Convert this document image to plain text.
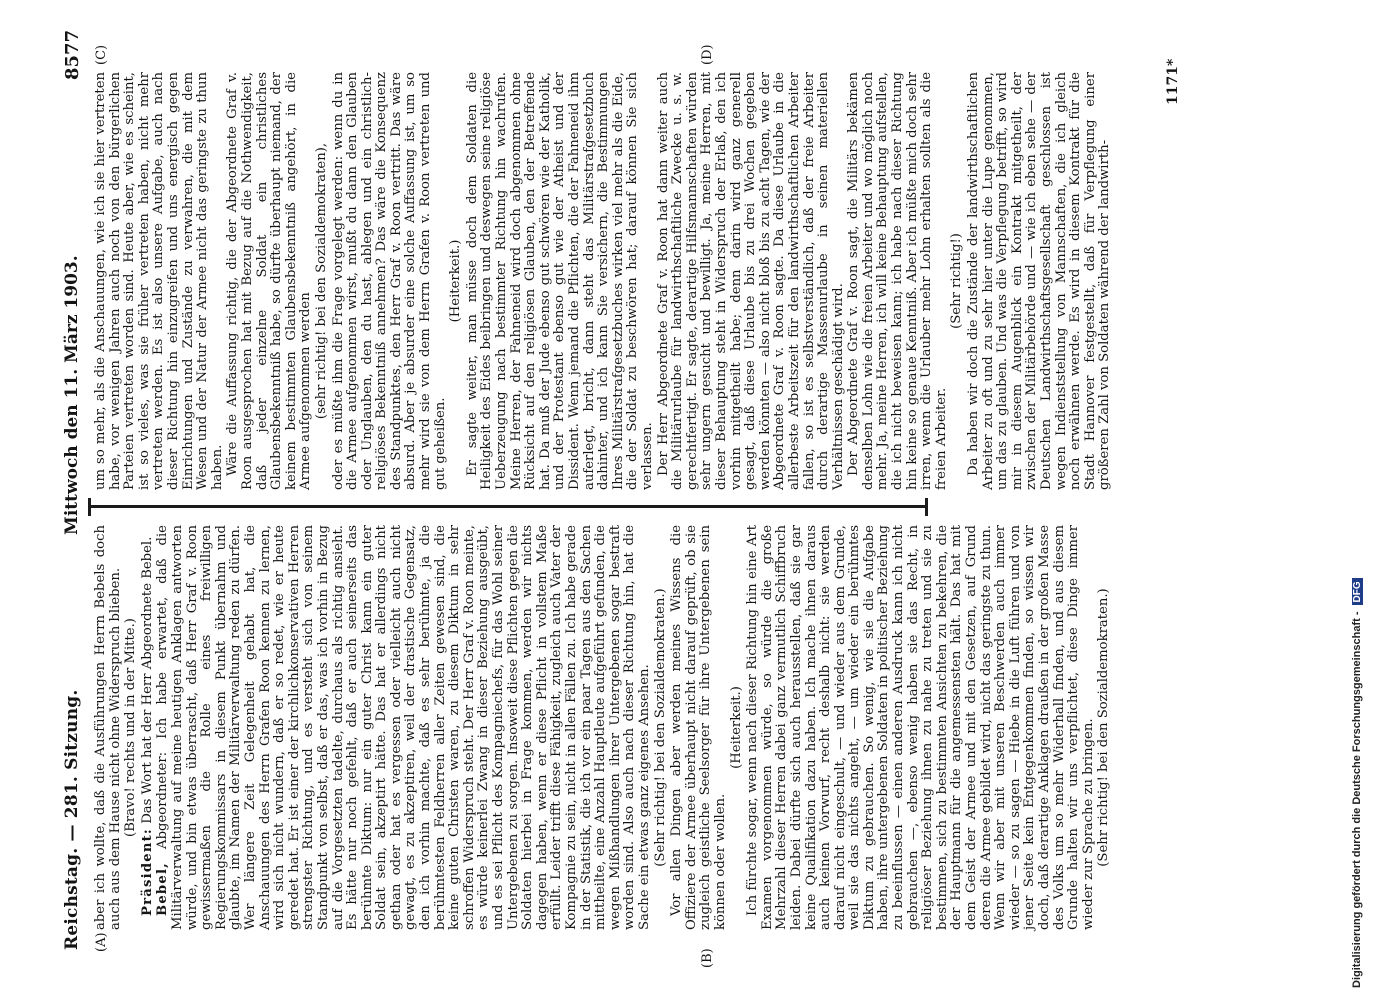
Reichstag. — 281. Sitzung.
Mittwoch den 11. März 1903.
8577
(A)
(B)
(C)	(D)

aber ich wollte, daß die Ausführungen Herrn Bebels doch auch aus dem Hause nicht ohne Widerspruch blieben. (Bravo! rechts und in der Mitte.)

Präsident: Das Wort hat der Herr Abgeordnete Bebel.

Bebel, Abgeordneter: Ich habe erwartet, daß die Militärverwaltung auf meine heutigen Anklagen antworten würde, und bin etwas überrascht, daß Herr Graf v. Roon gewissermaßen die Rolle eines freiwilligen Regierungskommissars in diesem Punkt übernahm und glaubte, im Namen der Militärverwaltung reden zu dürfen. Wer längere Zeit Gelegenheit gehabt hat, die Anschauungen des Herrn Grafen Roon kennen zu lernen, wird sich nicht wundern, daß er so redet, wie er heute geredet hat. Er ist einer der kirchlichkonservativen Herren strengster Richtung, und es versteht sich von seinem Standpunkt von selbst, daß er das, was ich vorhin in Bezug auf die Vorgesetzten tadelte, durchaus als richtig ansieht. Es hätte nur noch gefehlt, daß er auch seinerseits das berühmte Diktum: nur ein guter Christ kann ein guter Soldat sein, akzeptirt hätte. Das hat er allerdings nicht gethan oder hat es vergessen oder vielleicht auch nicht gewagt, es zu akzeptiren, weil der drastische Gegensatz, den ich vorhin machte, daß es sehr berühmte, ja die berühmtesten Feldherren aller Zeiten gewesen sind, die keine guten Christen waren, zu diesem Diktum in sehr schroffen Widerspruch steht. Der Herr Graf v. Roon meinte, es würde keinerlei Zwang in dieser Beziehung ausgeübt, und es sei Pflicht des Kompagniechefs, für das Wohl seiner Untergebenen zu sorgen. Insoweit diese Pflichten gegen die Soldaten hierbei in Frage kommen, werden wir nichts dagegen haben, wenn er diese Pflicht in vollstem Maße erfüllt. Leider trifft diese Fähigkeit, zugleich auch Vater der Kompagnie zu sein, nicht in allen Fällen zu. Ich habe gerade in der Statistik, die ich vor ein paar Tagen aus den Sachen mittheilte, eine Anzahl Hauptleute aufgeführt gefunden, die wegen Mißhandlungen ihrer Untergebenen sogar bestraft worden sind. Also auch nach dieser Richtung hin, hat die Sache ein etwas ganz eigenes Ansehen. (Sehr richtig! bei den Sozialdemokraten.) Vor allen Dingen aber werden meines Wissens die Offiziere der Armee überhaupt nicht darauf geprüft, ob sie zugleich geistliche Seelsorger für ihre Untergebenen sein können oder wollen.

(Heiterkeit.) Ich fürchte sogar, wenn nach dieser Richtung hin eine Art Examen vorgenommen würde, so würde die große Mehrzahl dieser Herren dabei ganz vermutlich Schiffbruch leiden. Dabei dürfte sich auch herausstellen, daß sie gar keine Qualifikation dazu haben. Ich mache ihnen daraus auch keinen Vorwurf, recht deshalb nicht: sie werden darauf nicht eingeschult, — und wieder aus dem Grunde, weil sie das nichts angeht, — um wieder ein berühmtes Diktum zu gebrauchen. So wenig, wie sie die Aufgabe haben, ihre untergebenen Soldaten in politischer Beziehung zu beeinflussen — einen anderen Ausdruck kann ich nicht gebrauchen —, ebenso wenig haben sie das Recht, in religiöser Beziehung ihnen zu nahe zu treten und sie zu bestimmen, sich zu bestimmten Ansichten zu bekehren, die der Hauptmann für die angemessensten hält. Das hat mit dem Geist der Armee und mit den Gesetzen, auf Grund deren die Armee gebildet wird, nicht das geringste zu thun. Wenn wir aber mit unseren Beschwerden auch immer wieder — so zu sagen — Hiebe in die Luft führen und von jener Seite kein Entgegenkommen finden, so wissen wir doch, daß derartige Anklagen draußen in der großen Masse des Volks um so mehr Widerhall finden, und aus diesem Grunde halten wir uns verpflichtet, diese Dinge immer wieder zur Sprache zu bringen. (Sehr richtig! bei den Sozialdemokraten.)

um so mehr, als die Anschauungen, wie ich sie hier vertreten habe, vor wenigen Jahren auch noch von den bürgerlichen Parteien vertreten worden sind. Heute aber, wie es scheint, ist so vieles, was sie früher vertreten haben, nicht mehr vertreten werden. Es ist also unsere Aufgabe, auch nach dieser Richtung hin einzugreifen und uns energisch gegen Einrichtungen und Zustände zu verwahren, die mit dem Wesen und der Natur der Armee nicht das geringste zu thun haben. Wäre die Auffassung richtig, die der Abgeordnete Graf v. Roon ausgesprochen hat mit Bezug auf die Nothwendigkeit, daß jeder einzelne Soldat ein christliches Glaubensbekenntniß habe, so dürfte überhaupt niemand, der keinem bestimmten Glaubensbekenntniß angehört, in die Armee aufgenommen werden (sehr richtig! bei den Sozialdemokraten), oder es müßte ihm die Frage vorgelegt werden: wenn du in die Armee aufgenommen wirst, mußt du dann den Glauben oder Unglauben, den du hast, ablegen und ein christlich-religiöses Bekenntniß annehmen? Das wäre die Konsequenz des Standpunktes, den Herr Graf v. Roon vertritt. Das wäre absurd. Aber je absurder eine solche Auffassung ist, um so mehr wird sie von dem Herrn Grafen v. Roon vertreten und gut geheißen.

(Heiterkeit.) Er sagte weiter, man müsse doch dem Soldaten die Heiligkeit des Eides beibringen und deswegen seine religiöse Ueberzeugung nach bestimmter Richtung hin wachrufen. Meine Herren, der Fahneneid wird doch abgenommen ohne Rücksicht auf den religiösen Glauben, den der Betreffende hat. Da muß der Jude ebenso gut schwören wie der Katholik, und der Protestant ebenso gut wie der Atheist und der Dissident. Wenn jemand die Pflichten, die der Fahneneid ihm auferlegt, bricht, dann steht das Militärstrafgesetzbuch dahinter, und ich kann Sie versichern, die Bestimmungen Ihres Militärstrafgesetzbuches wirken viel mehr als die Eide, die der Soldat zu beschwören hat; darauf können Sie sich verlassen. Der Herr Abgeordnete Graf v. Roon hat dann weiter auch die Militärurlaube für landwirthschaftliche Zwecke u. s. w. gerechtfertigt. Er sagte, derartige Hilfsmannschaften würden sehr ungern gesucht und bewilligt. Ja, meine Herren, mit dieser Behauptung steht in Widerspruch der Erlaß, den ich vorhin mitgetheilt habe; denn darin wird ganz generell gesagt, daß diese Urlaube bis zu drei Wochen gegeben werden könnten — also nicht bloß bis zu acht Tagen, wie der Abgeordnete Graf v. Roon sagte. Da diese Urlaube in die allerbeste Arbeitszeit für den landwirthschaftlichen Arbeiter fallen, so ist es selbstverständlich, daß der freie Arbeiter durch derartige Massenurlaube in seinen materiellen Verhältnissen geschädigt wird. Der Abgeordnete Graf v. Roon sagt, die Militärs bekämen denselben Lohn wie die freien Arbeiter und wo möglich noch mehr. Ja, meine Herren, ich will keine Behauptung aufstellen, die ich nicht beweisen kann; ich habe nach dieser Richtung hin keine so genaue Kenntniß. Aber ich müßte mich doch sehr irren, wenn die Urlauber mehr Lohn erhalten sollten als die freien Arbeiter.

(Sehr richtig!) Da haben wir doch die Zustände der landwirthschaftlichen Arbeiter zu oft und zu sehr hier unter die Lupe genommen, um das zu glauben. Und was die Verpflegung betrifft, so wird mir in diesem Augenblick ein Kontrakt mitgetheilt, der zwischen der Militärbehörde und — wie ich eben sehe — der Deutschen Landwirthschaftsgesellschaft geschlossen ist wegen Indienststellung von Mannschaften, die ich gleich noch erwähnen werde. Es wird in diesem Kontrakt für die Stadt Hannover festgestellt, daß für Verpflegung einer größeren Zahl von Soldaten während der landwirth-

1171*
Digitalisierung gefördert durch die Deutsche Forschungsgemeinschaft -DFG
